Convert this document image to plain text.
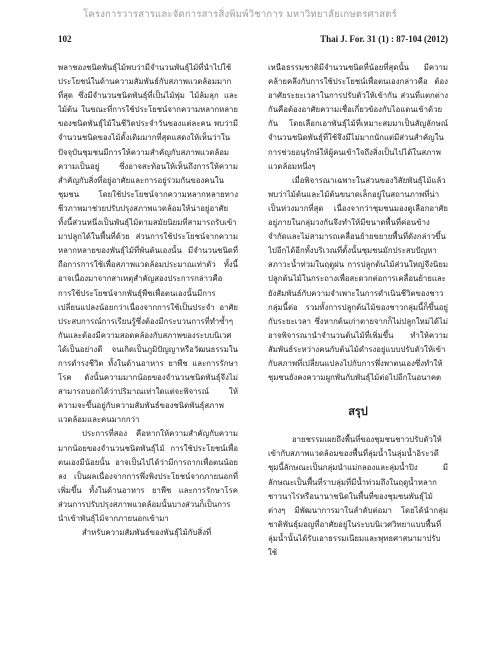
โครงการวารสารและจัดการสารสิ่งพิมพ์วิชาการ มหาวิทยาลัยเกษตรศาสตร์
102	Thai J. For. 31 (1) : 87-104 (2012)

พลาชองชนิดพันธุ์ไม้พบว่ามีจำนวนพันธุ์ไม้ที่นำไปใช้ประโยชน์ในด้านความสัมพันธ์กับสภาพแวดล้อมมากที่สุด ซึ่งมีจำนวนชนิดพันธุ์ที่เป็นไม้พุ่ม ไม้ล้มลุก และไม้ต้น ในขณะที่การใช้ประโยชน์จากความหลากหลายของชนิดพันธุ์ไม้ในชีวิตประจำวันของแต่ละคน พบว่ามีจำนวนชนิดของไม้ดั้งเดิมมากที่สุดแสดงให้เห็นว่าในปัจจุบันชุมชนมีการให้ความสำคัญกับสภาพแวดล้อมความเป็นอยู่ ซึ่งอาจสะท้อนให้เห็นถึงการให้ความสำคัญกับสิ่งที่อยู่อาศัยและการอยู่ร่วมกันของคนในชุมชน โดยใช้ประโยชน์จากความหลากหลายทางชีวภาพมาช่วยปรับปรุงสภาพแวดล้อมให้น่าอยู่อาศัยทั้งนี้ส่วนหนึ่งเป็นพันธุ์ไม้ตามสมัยนิยมที่สามารถรับเข้ามาปลูกได้ในพื้นที่ด้วย ส่วนการใช้ประโยชน์จากความหลากหลายของพันธุ์ไม้ที่พ้นต้นเองนั้น มีจำนวนชนิดที่ถือการการใช้เพื่อสภาพแวดล้อมประมาณเท่าตัว ทั้งนี้อาจเนื่องมาจากสาเหตุสำคัญสองประการกล่าวคือ การใช้ประโยชน์จากพันธุ์พืชเพื่อตนเองนั้นมีการเปลี่ยนแปลงน้อยกว่าเนื่องจากการใช้เป็นประจำ อาศัยประสบการณ์การเรียนรู้ซึ่งต้องมีกระบวนการที่ทำซ้ำๆ กันและต้องมีความสอดคล้องกับสภาพของระบบนิเวศได้เป็นอย่างดี จนเกิดเป็นภูมิปัญญาหรือวัฒนธรรมในการดำรงชีวิต ทั้งในด้านอาหาร ยาพืช และการรักษาโรค ดังนั้นความมากน้อยของจำนวนชนิดพันธุ์จึงไม่สามารถบอกได้ว่าปริมาณเท่าใดแต่จะพิจารณ์ ให้ความจะขึ้นอยู่กับความสัมพันธ์ของชนิดพันธุ์สภาพแวดล้อมและคนมากกว่า

ประการที่สอง คือหากให้ความสำคัญกับความมากน้อยของจำนวนชนิดพันธุ์ไม้ การใช้ประโยชน์เพื่อตนเองมีน้อยนั้น อาจเป็นไปได้ว่ามีการถากเพื่อตนน้อยลง เป็นผลเนื่องจากการพึ่งพิงประโยชน์จากภายนอกที่เพิ่มขึ้น ทั้งในด้านอาหาร ยาพืช และการรักษาโรค ส่วนการปรับปรุงสภาพแวดล้อมนั้นบางส่วนก็เป็นการนำเข้าพันธุ์ไม้จากภายนอกเข้ามา

สำหรับความสัมพันธ์ของพันธุ์ไม้กับสิ่งที่

เหนือธรรมชาติมีจำนวนชนิดที่น้อยที่สุดนั้น มีความคล้ายคลึงกับการใช้ประโยชน์เพื่อตนเองกล่าวคือ ต้องอาศัยระยะเวลาในการปรับตัวให้เข้ากัน ส่วนที่แตกต่างกันคือต้องอาศัยความเชื่อเกี่ยวข้องกับไอแดนเข้าด้วยกัน โดยเลือกเอาพันธุ์ไม้ที่เหมาะสมมาเป็นสัญลักษณ์ จำนวนชนิดพันธุ์ที่ใช้จึงมีไม่มากนักแต่มีส่วนสำคัญในการช่วยอนุรักษ์ให้ผู้คนเข้าใจถึงสิ่งเป็นไปได้ในสภาพแวดล้อมหนึ่งๆ

เมื่อพิจารณาเฉพาะในส่วนของวิสัยพันธุ์ไม้แล้วพบว่าไม้ต้นและไม้ต้นขนาดเล็กอยู่ในสถานภาพที่น่าเป็นห่วงมากที่สุด เนื่องจากว่าชุมชนมองดูเลือกอาศัยอยู่ภายในกลุ่มวงกันจึงทำให้มีขนาดพื้นที่ค่อนข้างจำกัดและไม่สามารถเคลื่อนย้ายขยายพื้นที่ดังกล่าวขึ้นไปอีกได้อีกทั้งบริเวณที่ตั้งนั้นชุมชนมักประสบปัญหาสภาวะน้ำท่วมในฤดูฝน การปลูกต้นไม้ส่วนใหญ่จึงนิยมปลูกต้นไม้ในกระถางเพื่อสะดวกต่อการเคลื่อนย้ายและยังสัมพันธ์กับความจำเพาะในการดำเนินชีวิตของชาวกลุ่มนี้ต่อ รวมทั้งการปลูกต้นไม้ของชาวกลุ่มนี้ก็ขึ้นอยู่กับระยะเวลา ซึ่งหากต้นเก่าตายจากก็ไม่ปลูกใหม่ได้ไม่อาจพิจารณานำจำนวนต้นไม้ที่เพิ่มขึ้น ทำให้ความสัมพันธ์ระหว่างคนกับต้นไม้ดำรงอยู่แบบปรับตัวให้เข้ากับสภาพที่เปลี่ยนแปลงไปกับการพึ่งพาตนเองซึ่งทำให้ชุมชนยังคงความผูกพันกับพันธุ์ไม้ต่อไปอีกในอนาคต

สรุป

อายชรรมเผยถึงพื้นที่ของชุมชนชาวปรับตัวให้เข้ากับสภาพแวดล้อมของพื้นที่ลุ่มน้ำในลุ่มน้ำอิระวดี ชุมนี้ลักษณะเป็นกลุ่มนำแม่กลองและลุ่มน้ำปิง มีลักษณะเป็นพื้นที่ราบลุ่มที่มีน้ำท่วมถึงในฤดูน้ำหลาก ชาวนาไร่หรือนานาชนิดในพื้นที่ของชุมชนพันธุ์ไม้ต่างๆ มีพัฒนาการมาในลำดับต่อมา โดยได้นำกลุ่มชาติพันธุ์มอญที่อาศัยอยู่ในระบบนิเวศวิทยาแบบพื้นที่ลุ่มน้ำนั้นได้รับเอาธรรมเนียมและพุทธศาสนามาปรับใช้
